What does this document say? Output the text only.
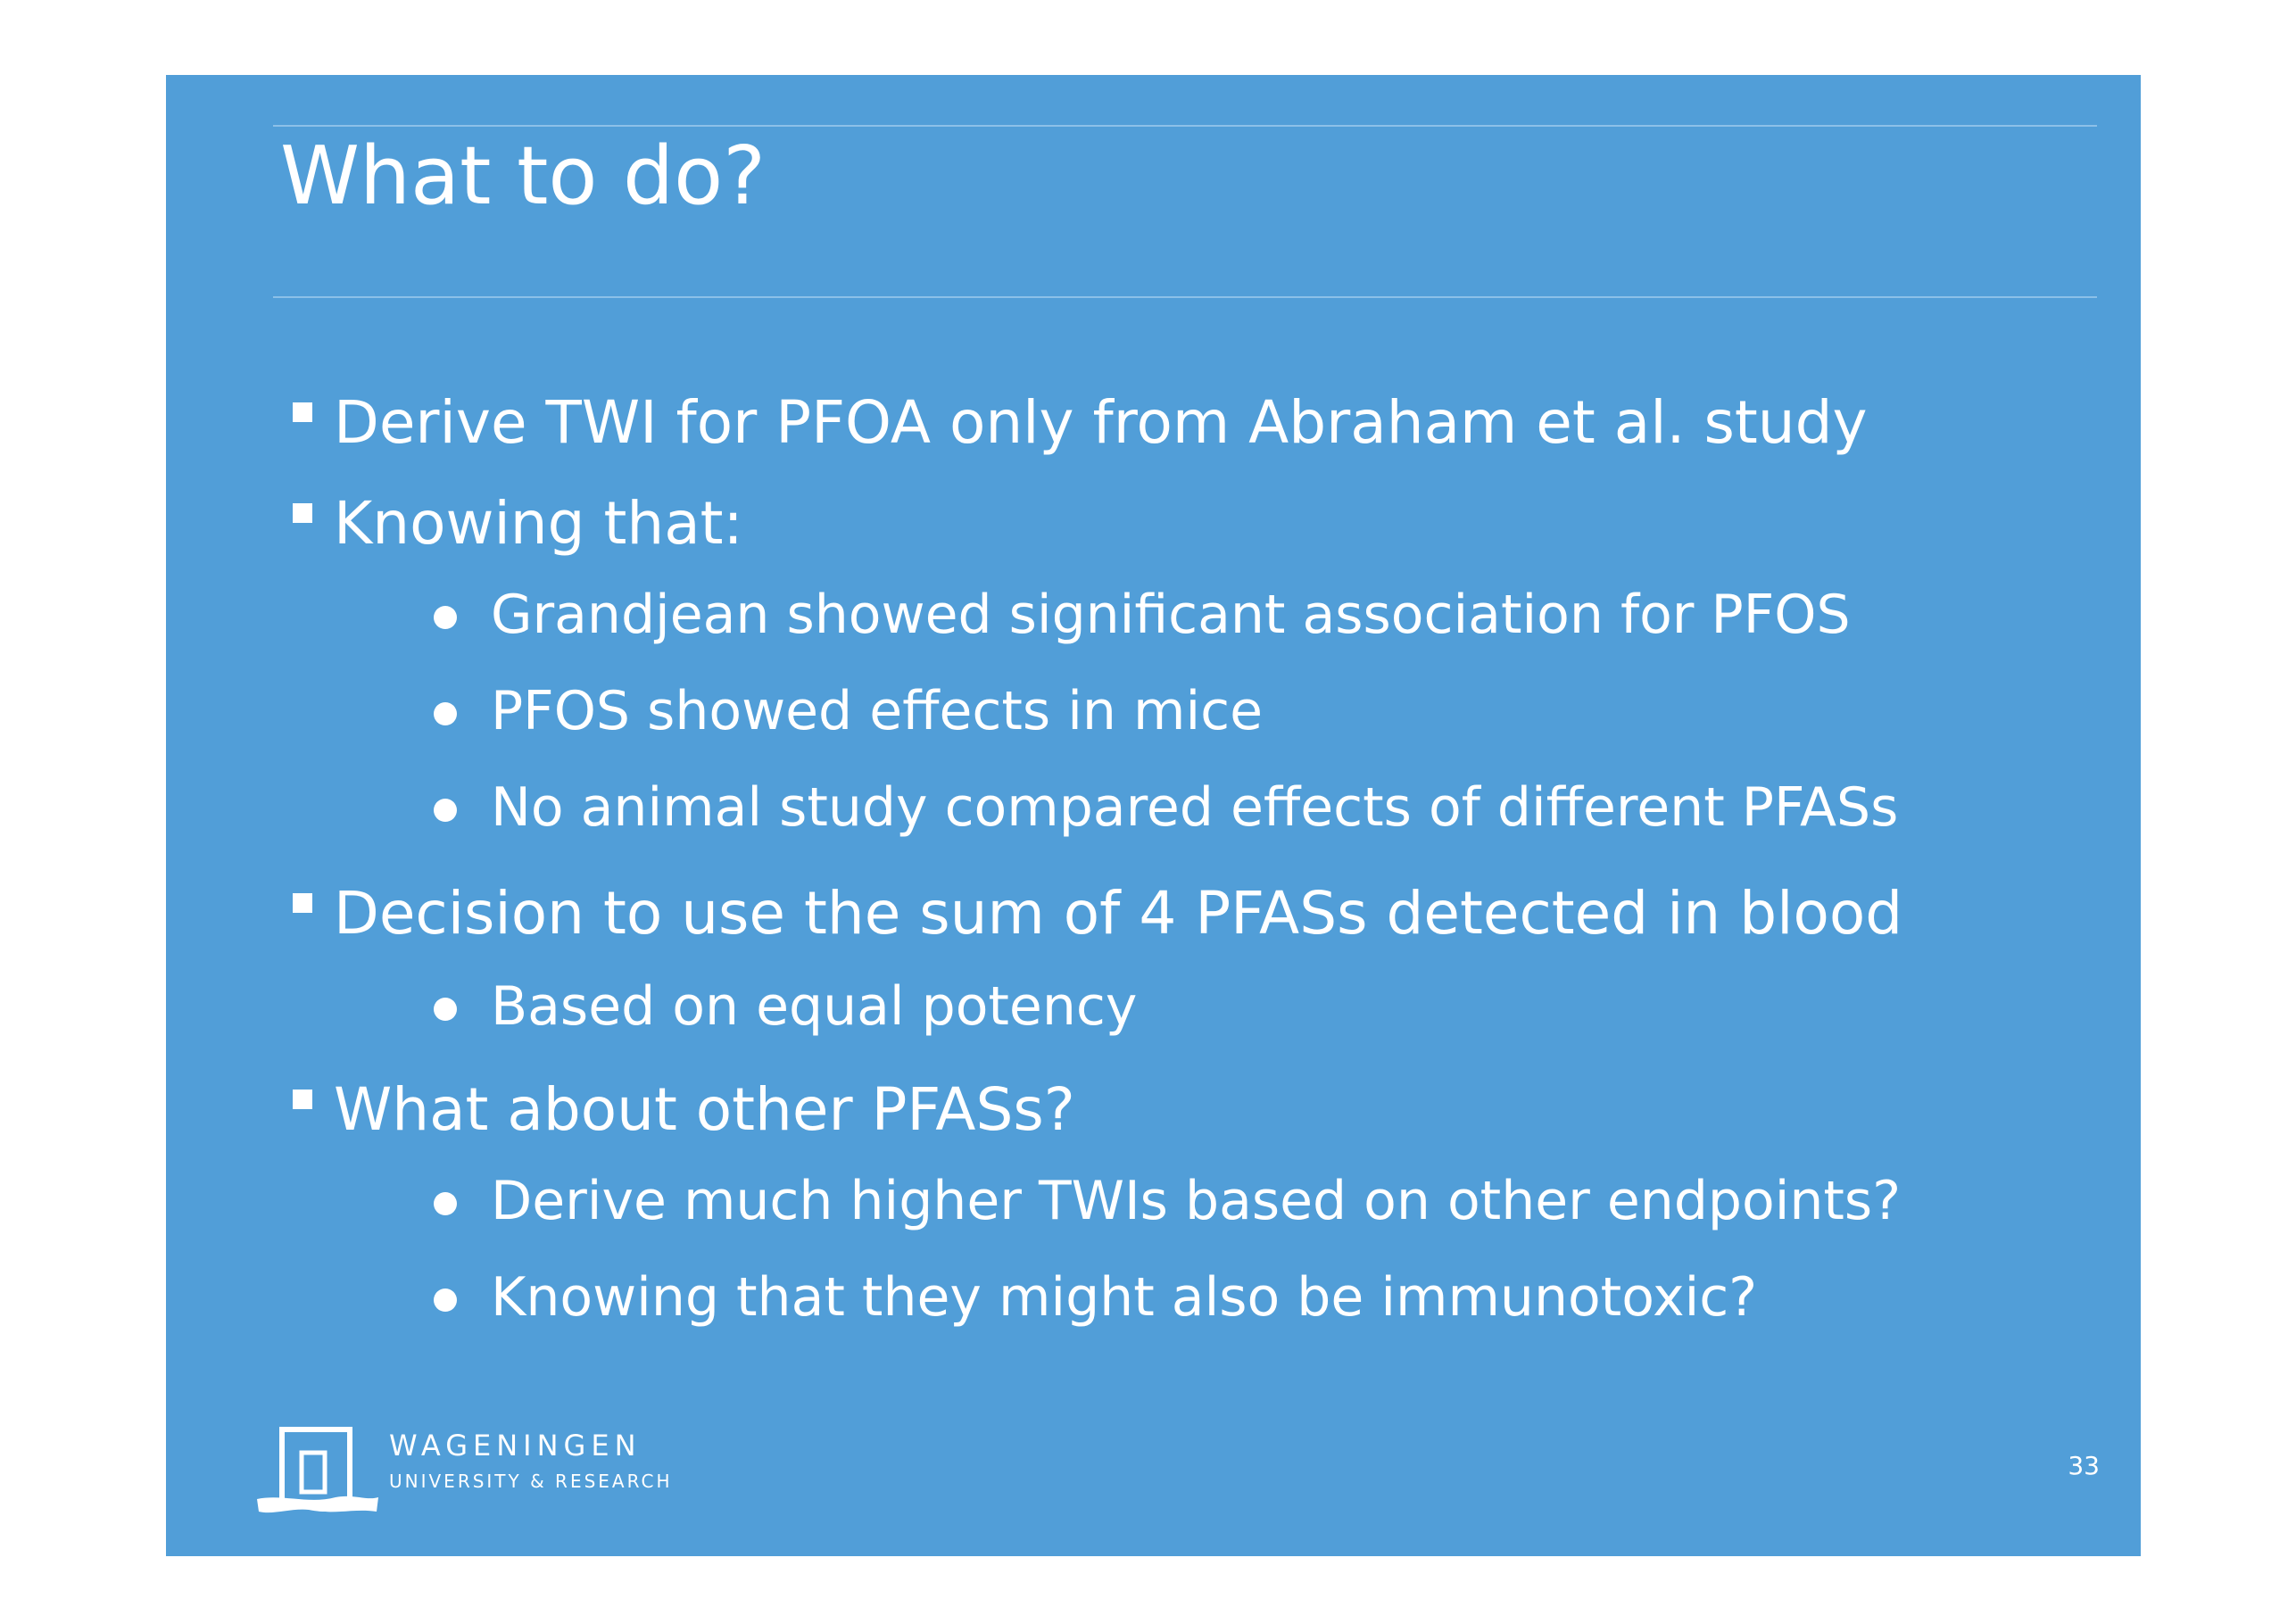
What to do?
Derive TWI for PFOA only from Abraham et al. study
Knowing that:
Grandjean showed significant association for PFOS
PFOS showed effects in mice
No animal study compared effects of different PFASs
Decision to use the sum of 4 PFASs detected in blood
Based on equal potency
What about other PFASs?
Derive much higher TWIs based on other endpoints?
Knowing that they might also be immunotoxic?
WAGENINGEN
UNIVERSITY & RESEARCH
33
